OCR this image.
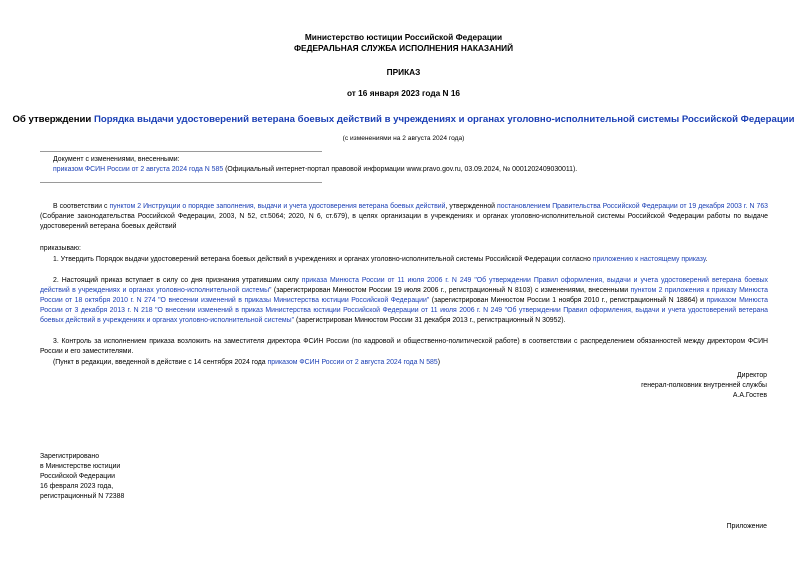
Министерство юстиции Российской Федерации
ФЕДЕРАЛЬНАЯ СЛУЖБА ИСПОЛНЕНИЯ НАКАЗАНИЙ
ПРИКАЗ
от 16 января 2023 года N 16
Об утверждении Порядка выдачи удостоверений ветерана боевых действий в учреждениях и органах уголовно-исполнительной системы Российской Федерации
(с изменениями на 2 августа 2024 года)
Документ с изменениями, внесенными:
приказом ФСИН России от 2 августа 2024 года N 585 (Официальный интернет-портал правовой информации www.pravo.gov.ru, 03.09.2024, № 0001202409030011).
В соответствии с пунктом 2 Инструкции о порядке заполнения, выдачи и учета удостоверения ветерана боевых действий, утвержденной постановлением Правительства Российской Федерации от 19 декабря 2003 г. N 763 (Собрание законодательства Российской Федерации, 2003, N 52, ст.5064; 2020, N 6, ст.679), в целях организации в учреждениях и органах уголовно-исполнительной системы Российской Федерации работы по выдаче удостоверений ветерана боевых действий
приказываю:
1. Утвердить Порядок выдачи удостоверений ветерана боевых действий в учреждениях и органах уголовно-исполнительной системы Российской Федерации согласно приложению к настоящему приказу.
2. Настоящий приказ вступает в силу со дня признания утратившим силу приказа Минюста России от 11 июля 2006 г. N 249 "Об утверждении Правил оформления, выдачи и учета удостоверений ветерана боевых действий в учреждениях и органах уголовно-исполнительной системы" (зарегистрирован Минюстом России 19 июля 2006 г., регистрационный N 8103) с изменениями, внесенными пунктом 2 приложения к приказу Минюста России от 18 октября 2010 г. N 274 "О внесении изменений в приказы Министерства юстиции Российской Федерации" (зарегистрирован Минюстом России 1 ноября 2010 г., регистрационный N 18864) и приказом Минюста России от 3 декабря 2013 г. N 218 "О внесении изменений в приказ Министерства юстиции Российской Федерации от 11 июля 2006 г. N 249 "Об утверждении Правил оформления, выдачи и учета удостоверений ветерана боевых действий в учреждениях и органах уголовно-исполнительной системы" (зарегистрирован Минюстом России 31 декабря 2013 г., регистрационный N 30952).
3. Контроль за исполнением приказа возложить на заместителя директора ФСИН России (по кадровой и общественно-политической работе) в соответствии с распределением обязанностей между директором ФСИН России и его заместителями.
(Пункт в редакции, введенной в действие с 14 сентября 2024 года приказом ФСИН России от 2 августа 2024 года N 585)
Директор
генерал-полковник внутренней службы
А.А.Гостев
Зарегистрировано
в Министерстве юстиции
Российской Федерации
16 февраля 2023 года,
регистрационный N 72388
Приложение
